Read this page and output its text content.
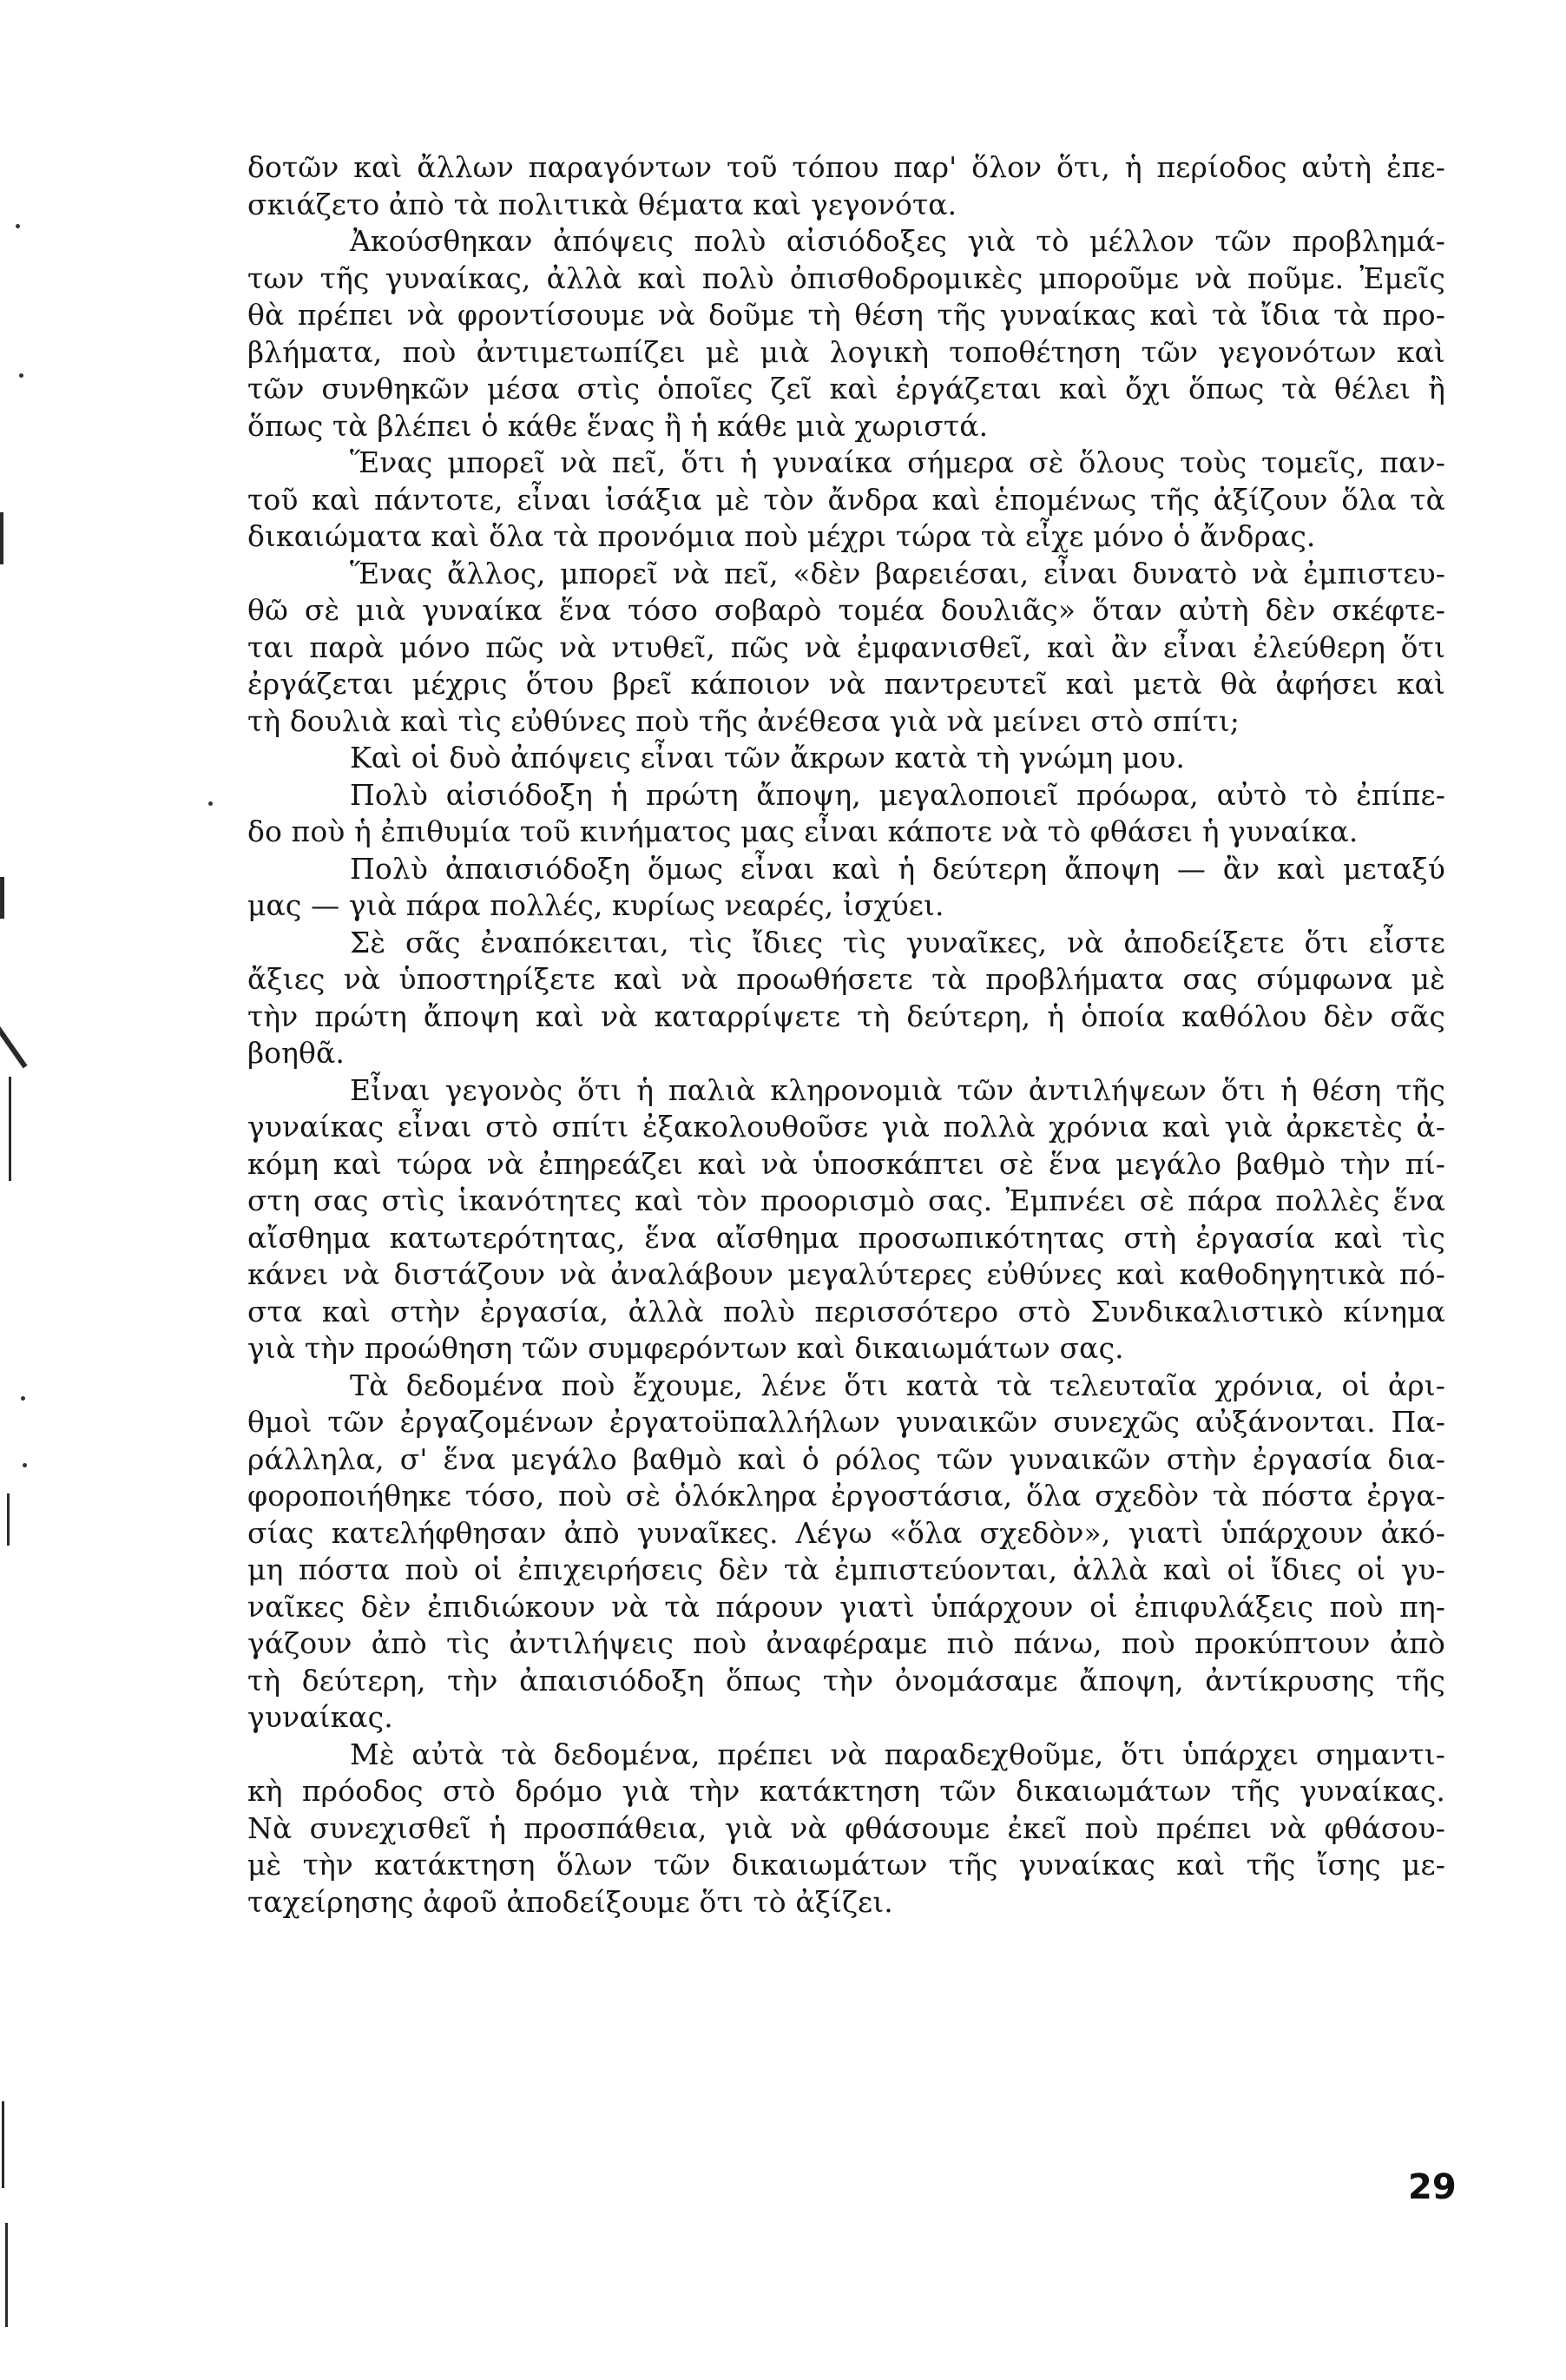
δοτῶν καὶ ἄλλων παραγόντων τοῦ τόπου παρ' ὅλον ὅτι, ἡ περίοδος αὐτὴ ἐπε-
σκιάζετο ἀπὸ τὰ πολιτικὰ θέματα καὶ γεγονότα.
Ἀκούσθηκαν ἀπόψεις πολὺ αἰσιόδοξες γιὰ τὸ μέλλον τῶν προβλημά-
των τῆς γυναίκας, ἀλλὰ καὶ πολὺ ὀπισθοδρομικὲς μποροῦμε νὰ ποῦμε. Ἐμεῖς
θὰ πρέπει νὰ φροντίσουμε νὰ δοῦμε τὴ θέση τῆς γυναίκας καὶ τὰ ἴδια τὰ προ-
βλήματα, ποὺ ἀντιμετωπίζει μὲ μιὰ λογικὴ τοποθέτηση τῶν γεγονότων καὶ
τῶν συνθηκῶν μέσα στὶς ὁποῖες ζεῖ καὶ ἐργάζεται καὶ ὄχι ὅπως τὰ θέλει ἢ
ὅπως τὰ βλέπει ὁ κάθε ἕνας ἢ ἡ κάθε μιὰ χωριστά.
Ἕνας μπορεῖ νὰ πεῖ, ὅτι ἡ γυναίκα σήμερα σὲ ὅλους τοὺς τομεῖς, παν-
τοῦ καὶ πάντοτε, εἶναι ἰσάξια μὲ τὸν ἄνδρα καὶ ἑπομένως τῆς ἀξίζουν ὅλα τὰ
δικαιώματα καὶ ὅλα τὰ προνόμια ποὺ μέχρι τώρα τὰ εἶχε μόνο ὁ ἄνδρας.
Ἕνας ἄλλος, μπορεῖ νὰ πεῖ, «δὲν βαρειέσαι, εἶναι δυνατὸ νὰ ἐμπιστευ-
θῶ σὲ μιὰ γυναίκα ἕνα τόσο σοβαρὸ τομέα δουλιᾶς» ὅταν αὐτὴ δὲν σκέφτε-
ται παρὰ μόνο πῶς νὰ ντυθεῖ, πῶς νὰ ἐμφανισθεῖ, καὶ ἂν εἶναι ἐλεύθερη ὅτι
ἐργάζεται μέχρις ὅτου βρεῖ κάποιον νὰ παντρευτεῖ καὶ μετὰ θὰ ἀφήσει καὶ
τὴ δουλιὰ καὶ τὶς εὐθύνες ποὺ τῆς ἀνέθεσα γιὰ νὰ μείνει στὸ σπίτι;
Καὶ οἱ δυὸ ἀπόψεις εἶναι τῶν ἄκρων κατὰ τὴ γνώμη μου.
Πολὺ αἰσιόδοξη ἡ πρώτη ἄποψη, μεγαλοποιεῖ πρόωρα, αὐτὸ τὸ ἐπίπε-
δο ποὺ ἡ ἐπιθυμία τοῦ κινήματος μας εἶναι κάποτε νὰ τὸ φθάσει ἡ γυναίκα.
Πολὺ ἀπαισιόδοξη ὅμως εἶναι καὶ ἡ δεύτερη ἄποψη — ἂν καὶ μεταξύ
μας — γιὰ πάρα πολλές, κυρίως νεαρές, ἰσχύει.
Σὲ σᾶς ἐναπόκειται, τὶς ἴδιες τὶς γυναῖκες, νὰ ἀποδείξετε ὅτι εἶστε
ἄξιες νὰ ὑποστηρίξετε καὶ νὰ προωθήσετε τὰ προβλήματα σας σύμφωνα μὲ
τὴν πρώτη ἄποψη καὶ νὰ καταρρίψετε τὴ δεύτερη, ἡ ὁποία καθόλου δὲν σᾶς
βοηθᾶ.
Εἶναι γεγονὸς ὅτι ἡ παλιὰ κληρονομιὰ τῶν ἀντιλήψεων ὅτι ἡ θέση τῆς
γυναίκας εἶναι στὸ σπίτι ἐξακολουθοῦσε γιὰ πολλὰ χρόνια καὶ γιὰ ἀρκετὲς ἀ-
κόμη καὶ τώρα νὰ ἐπηρεάζει καὶ νὰ ὑποσκάπτει σὲ ἕνα μεγάλο βαθμὸ τὴν πί-
στη σας στὶς ἱκανότητες καὶ τὸν προορισμὸ σας. Ἐμπνέει σὲ πάρα πολλὲς ἕνα
αἴσθημα κατωτερότητας, ἕνα αἴσθημα προσωπικότητας στὴ ἐργασία καὶ τὶς
κάνει νὰ διστάζουν νὰ ἀναλάβουν μεγαλύτερες εὐθύνες καὶ καθοδηγητικὰ πό-
στα καὶ στὴν ἐργασία, ἀλλὰ πολὺ περισσότερο στὸ Συνδικαλιστικὸ κίνημα
γιὰ τὴν προώθηση τῶν συμφερόντων καὶ δικαιωμάτων σας.
Τὰ δεδομένα ποὺ ἔχουμε, λένε ὅτι κατὰ τὰ τελευταῖα χρόνια, οἱ ἀρι-
θμοὶ τῶν ἐργαζομένων ἐργατοϋπαλλήλων γυναικῶν συνεχῶς αὐξάνονται. Πα-
ράλληλα, σ' ἕνα μεγάλο βαθμὸ καὶ ὁ ρόλος τῶν γυναικῶν στὴν ἐργασία δια-
φοροποιήθηκε τόσο, ποὺ σὲ ὁλόκληρα ἐργοστάσια, ὅλα σχεδὸν τὰ πόστα ἐργα-
σίας κατελήφθησαν ἀπὸ γυναῖκες. Λέγω «ὅλα σχεδὸν», γιατὶ ὑπάρχουν ἀκό-
μη πόστα ποὺ οἱ ἐπιχειρήσεις δὲν τὰ ἐμπιστεύονται, ἀλλὰ καὶ οἱ ἴδιες οἱ γυ-
ναῖκες δὲν ἐπιδιώκουν νὰ τὰ πάρουν γιατὶ ὑπάρχουν οἱ ἐπιφυλάξεις ποὺ πη-
γάζουν ἀπὸ τὶς ἀντιλήψεις ποὺ ἀναφέραμε πιὸ πάνω, ποὺ προκύπτουν ἀπὸ
τὴ δεύτερη, τὴν ἀπαισιόδοξη ὅπως τὴν ὀνομάσαμε ἄποψη, ἀντίκρυσης τῆς
γυναίκας.
Μὲ αὐτὰ τὰ δεδομένα, πρέπει νὰ παραδεχθοῦμε, ὅτι ὑπάρχει σημαντι-
κὴ πρόοδος στὸ δρόμο γιὰ τὴν κατάκτηση τῶν δικαιωμάτων τῆς γυναίκας.
Νὰ συνεχισθεῖ ἡ προσπάθεια, γιὰ νὰ φθάσουμε ἐκεῖ ποὺ πρέπει νὰ φθάσου-
μὲ τὴν κατάκτηση ὅλων τῶν δικαιωμάτων τῆς γυναίκας καὶ τῆς ἴσης με-
ταχείρησης ἀφοῦ ἀποδείξουμε ὅτι τὸ ἀξίζει.
29
